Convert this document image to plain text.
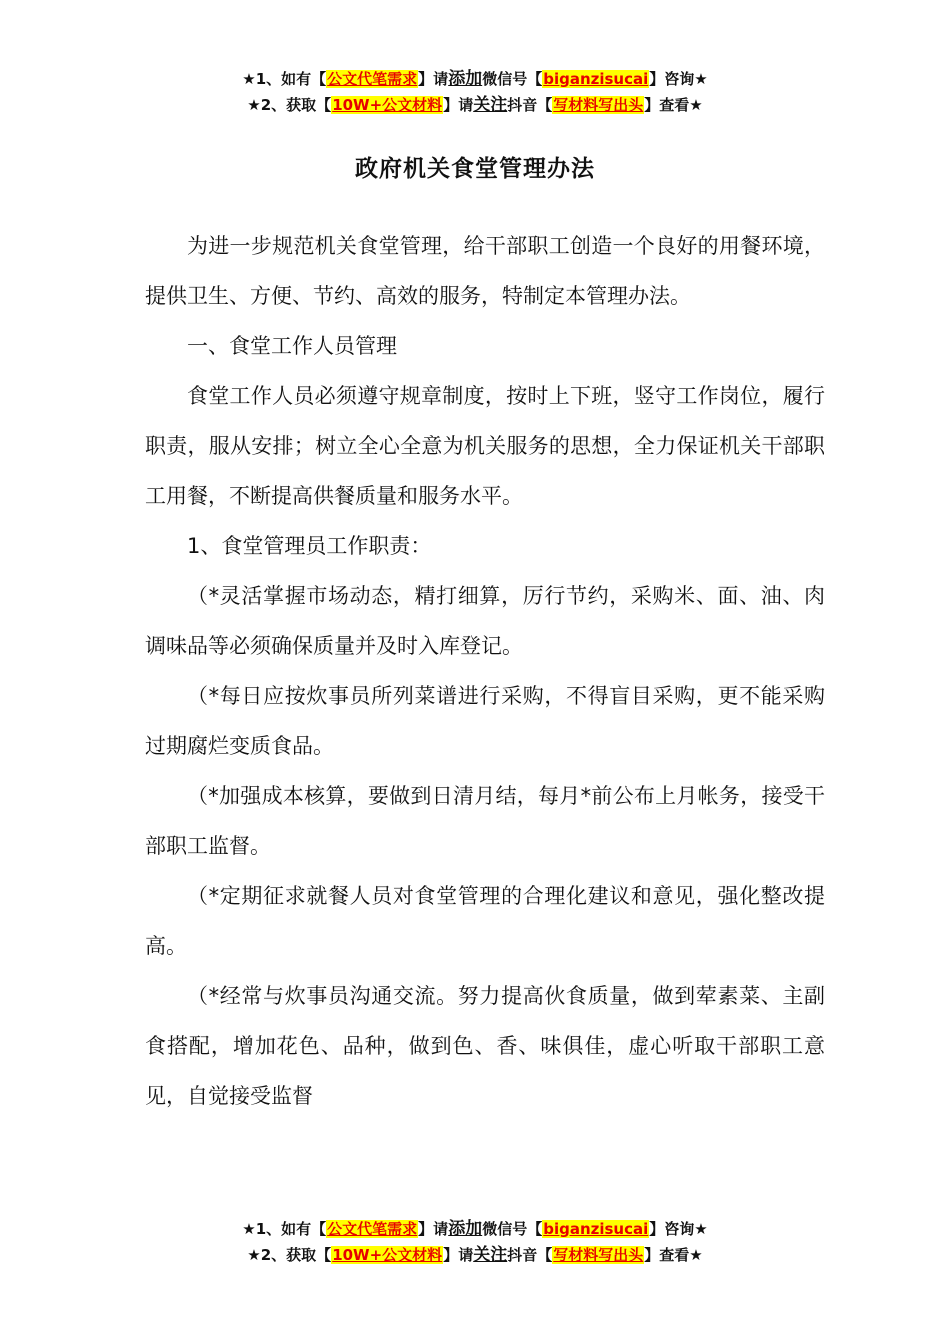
★1、如有【公文代笔需求】请添加微信号【biganzisucai】咨询★
★2、获取【10W+公文材料】请关注抖音【写材料写出头】查看★
政府机关食堂管理办法

为进一步规范机关食堂管理，给干部职工创造一个良好的用餐环境，提供卫生、方便、节约、高效的服务，特制定本管理办法。

一、食堂工作人员管理

食堂工作人员必须遵守规章制度，按时上下班，竖守工作岗位，履行职责，服从安排；树立全心全意为机关服务的思想，全力保证机关干部职工用餐，不断提高供餐质量和服务水平。

1、食堂管理员工作职责：

（*灵活掌握市场动态，精打细算，厉行节约，采购米、面、油、肉调味品等必须确保质量并及时入库登记。

（*每日应按炊事员所列菜谱进行采购，不得盲目采购，更不能采购过期腐烂变质食品。

（*加强成本核算，要做到日清月结，每月*前公布上月帐务，接受干部职工监督。

（*定期征求就餐人员对食堂管理的合理化建议和意见，强化整改提高。

（*经常与炊事员沟通交流。努力提高伙食质量，做到荤素菜、主副食搭配，增加花色、品种，做到色、香、味俱佳，虚心听取干部职工意见，自觉接受监督

★1、如有【公文代笔需求】请添加微信号【biganzisucai】咨询★
★2、获取【10W+公文材料】请关注抖音【写材料写出头】查看★
